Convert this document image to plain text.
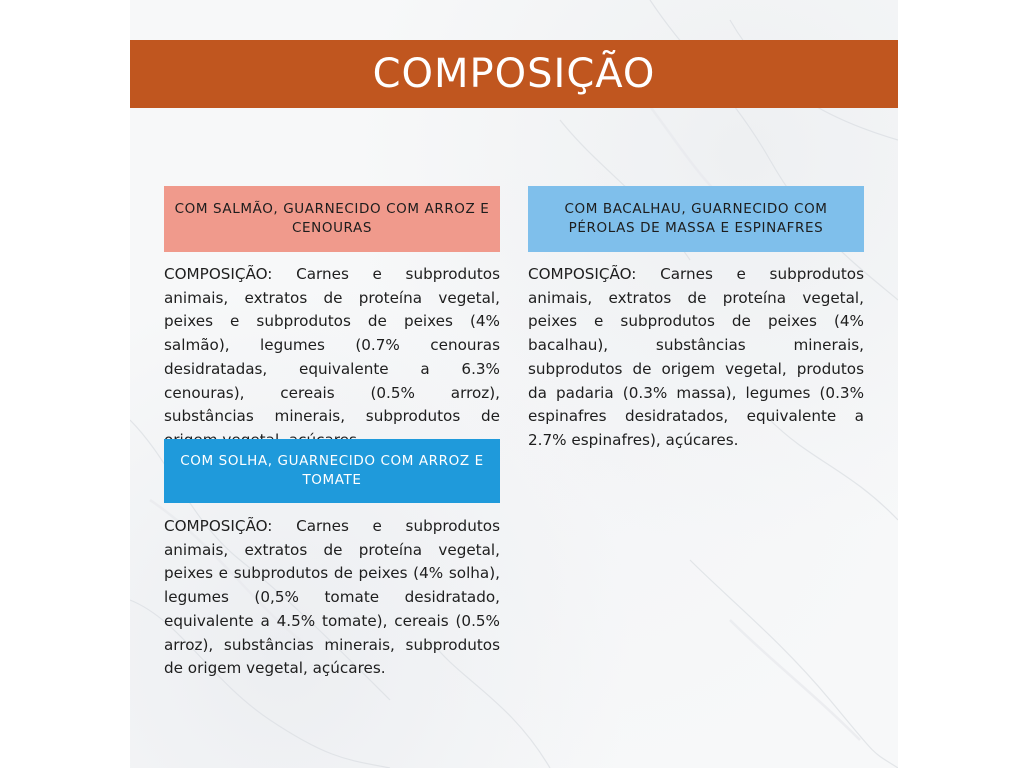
COMPOSIÇÃO
COM SALMÃO, GUARNECIDO COM ARROZ E CENOURAS

COMPOSIÇÃO: Carnes e subprodutos animais, extratos de proteína vegetal, peixes e subprodutos de peixes (4% salmão), legumes (0.7% cenouras desidratadas, equivalente a 6.3% cenouras), cereais (0.5% arroz), substâncias minerais, subprodutos de

COM BACALHAU, GUARNECIDO COM PÉROLAS DE MASSA E ESPINAFRES

COMPOSIÇÃO: Carnes e subprodutos animais, extratos de proteína vegetal, peixes e subprodutos de peixes (4% bacalhau), substâncias minerais, subprodutos de origem vegetal, produtos da padaria (0.3% massa), legumes (0.3% espinafres desidratados, equivalente a 2.7% espinafres), açúcares.

COM SOLHA, GUARNECIDO COM ARROZ E TOMATE

COMPOSIÇÃO: Carnes e subprodutos animais, extratos de proteína vegetal, peixes e subprodutos de peixes (4% solha), legumes (0,5% tomate desidratado, equivalente a 4.5% tomate), cereais (0.5% arroz), substâncias minerais, subprodutos de origem vegetal, açúcares.
